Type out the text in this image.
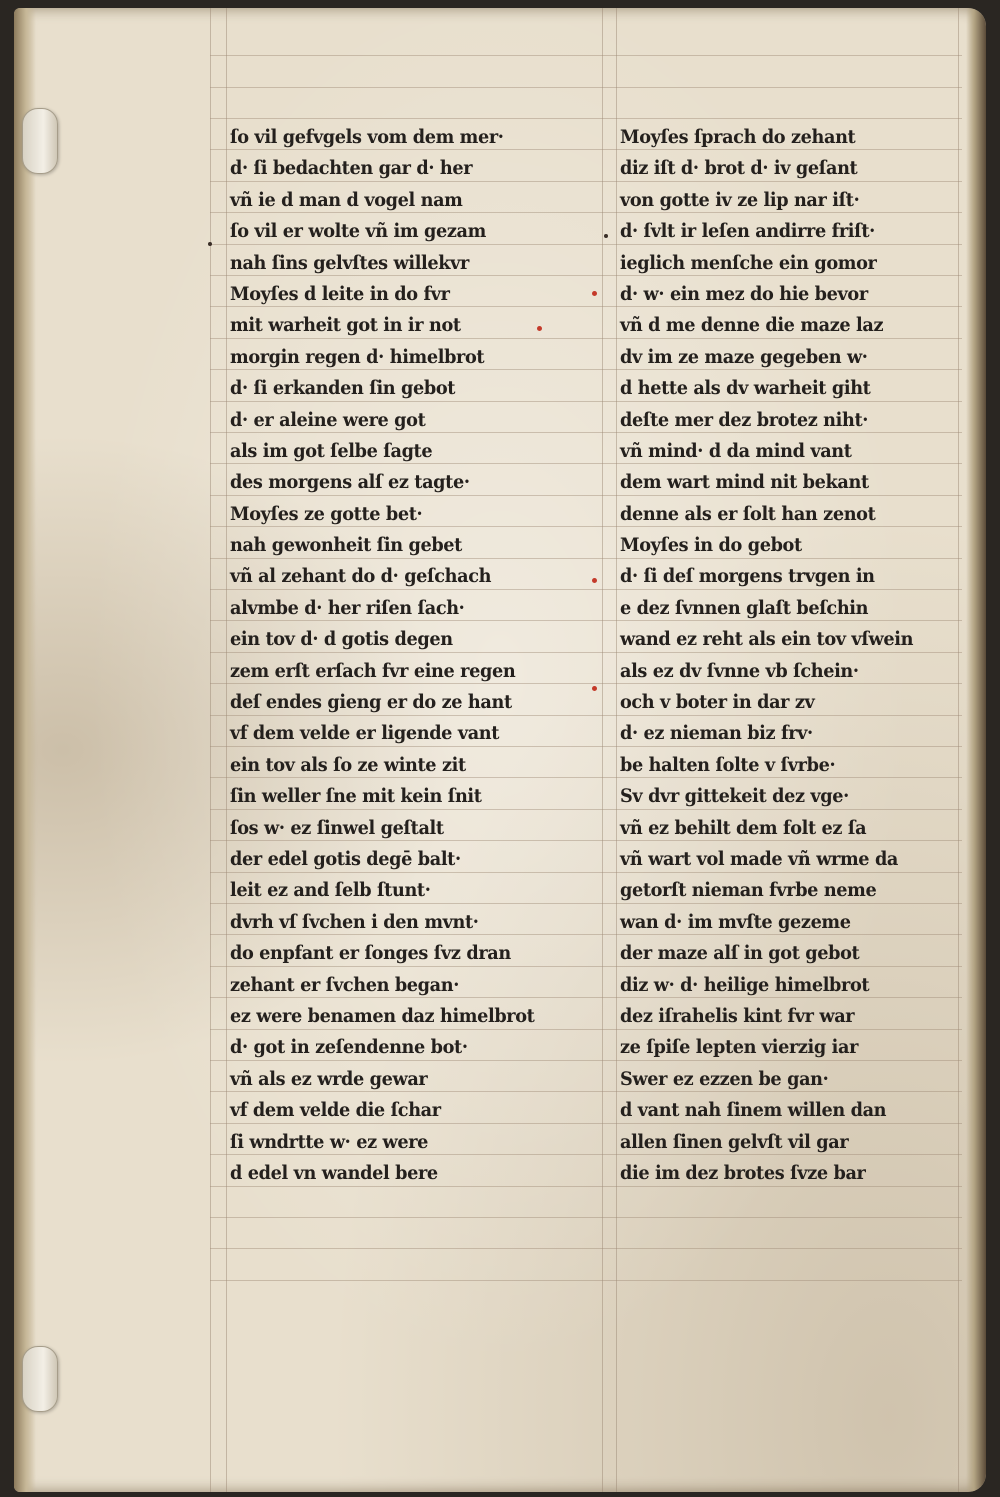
ſo vil gefvgels vom dem mer·
d· ſi bedachten gar d· her
vñ ie d man d vogel nam
ſo vil er wolte vñ im gezam
nah ſins gelvſtes willekvr
Moyſes d leite in do fvr
mit warheit got in ir not
morgin regen d· himelbrot
d· ſi erkanden ſin gebot
d· er aleine were got
als im got ſelbe ſagte
des morgens alſ ez tagte·
Moyſes ze gotte bet·
nah gewonheit ſin gebet
vñ al zehant do d· geſchach
alvmbe d· her riſen ſach·
ein tov d· d gotis degen
zem erſt erſach fvr eine regen
deſ endes gieng er do ze hant
vf dem velde er ligende vant
ein tov als ſo ze winte zit
ſin weller ſne mit kein ſnit
ſos w· ez ſinwel geſtalt
der edel gotis degē balt·
leit ez and ſelb ſtunt·
dvrh vſ ſvchen i den mvnt·
do enpfant er ſonges ſvz dran
zehant er ſvchen began·
ez were benamen daz himelbrot
d· got in zeſendenne bot·
vñ als ez wrde gewar
vf dem velde die ſchar
ſi wndrtte w· ez were
d edel vn wandel bere
Moyſes ſprach do zehant
diz iſt d· brot d· iv geſant
von gotte iv ze lip nar iſt·
d· ſvlt ir leſen andirre friſt·
ieglich menſche ein gomor
d· w· ein mez do hie bevor
vñ d me denne die maze laz
dv im ze maze gegeben w·
d hette als dv warheit giht
deſte mer dez brotez niht·
vñ mind· d da mind vant
dem wart mind nit bekant
denne als er ſolt han zenot
Moyſes in do gebot
d· ſi deſ morgens trvgen in
e dez ſvnnen glaſt beſchin
wand ez reht als ein tov vſwein
als ez dv ſvnne vb ſchein·
och v boter in dar zv
d· ez nieman biz frv·
be halten ſolte v ſvrbe·
Sv dvr gittekeit dez vge·
vñ ez behilt dem folt ez ſa
vñ wart vol made vñ wrme da
getorſt nieman fvrbe neme
wan d· im mvſte gezeme
der maze alſ in got gebot
diz w· d· heilige himelbrot
dez iſrahelis kint fvr war
ze ſpiſe lepten vierzig iar
Swer ez ezzen be gan·
d vant nah ſinem willen dan
allen ſinen gelvſt vil gar
die im dez brotes ſvze bar
